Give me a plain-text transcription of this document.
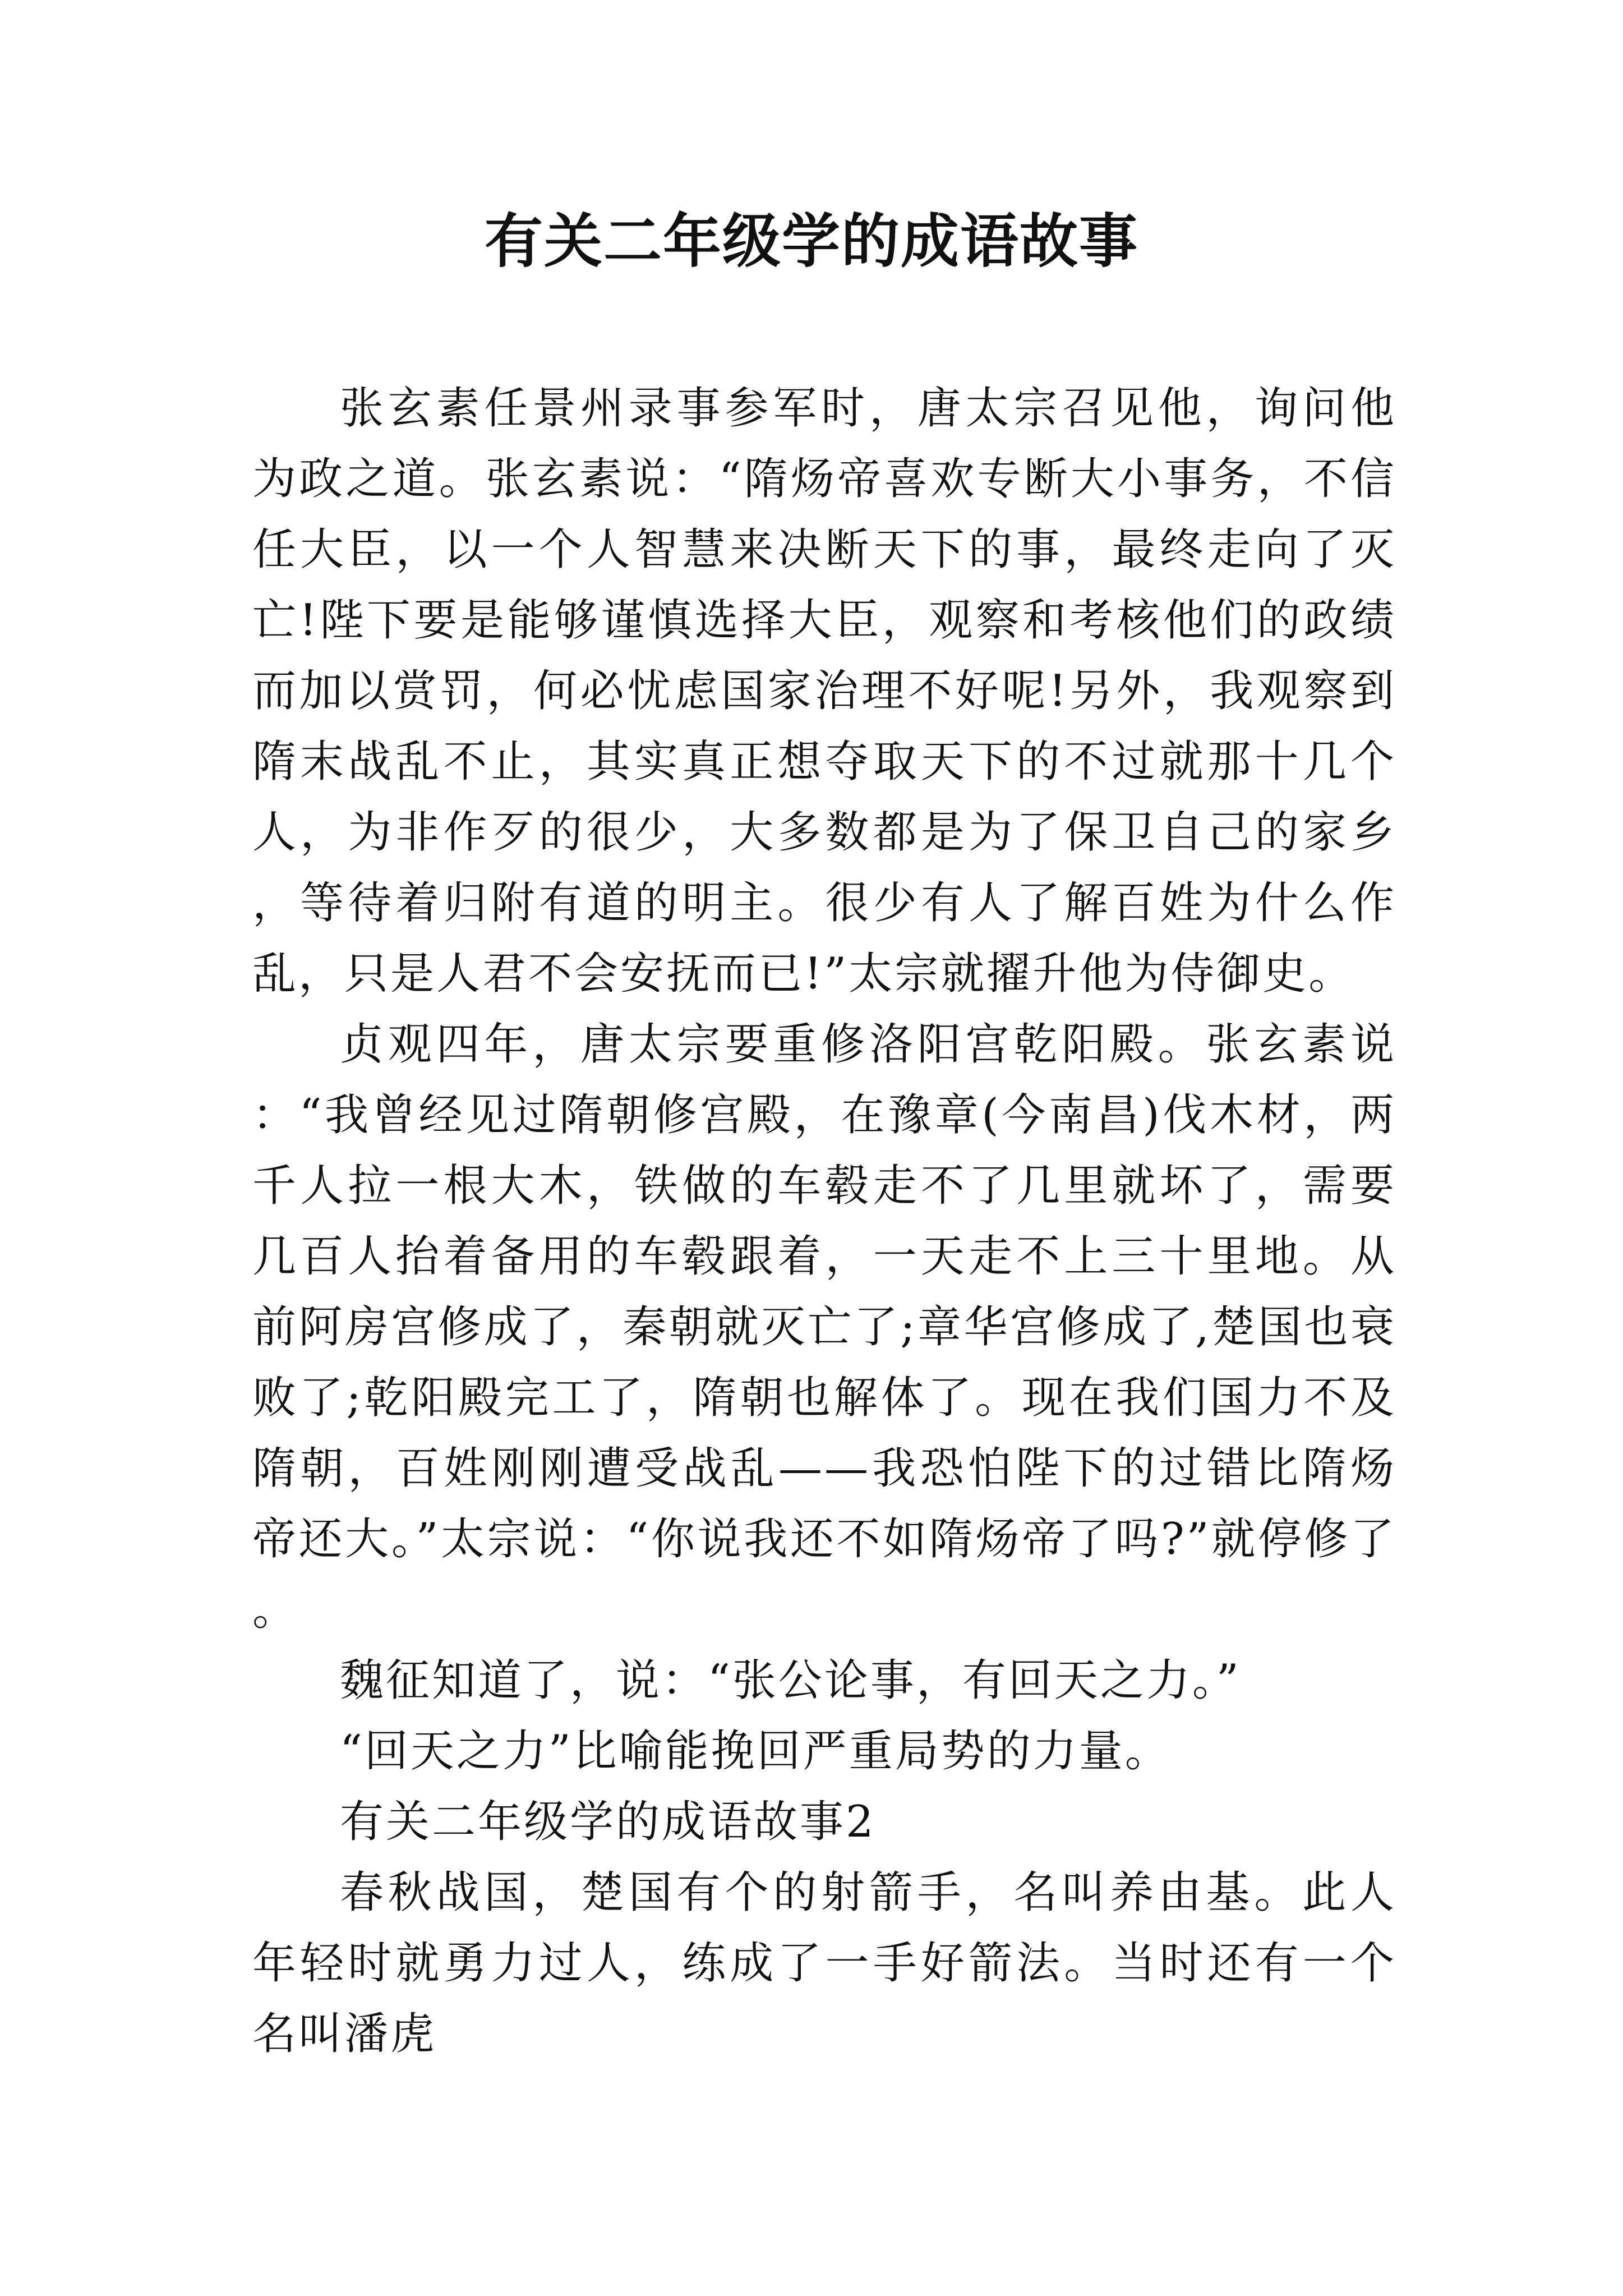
有关二年级学的成语故事

张玄素任景州录事参军时，唐太宗召见他，询问他为政之道。张玄素说：“隋炀帝喜欢专断大小事务，不信任大臣，以一个人智慧来决断天下的事，最终走向了灭亡!陛下要是能够谨慎选择大臣，观察和考核他们的政绩而加以赏罚，何必忧虑国家治理不好呢!另外，我观察到隋末战乱不止，其实真正想夺取天下的不过就那十几个人，为非作歹的很少，大多数都是为了保卫自己的家乡，等待着归附有道的明主。很少有人了解百姓为什么作乱，只是人君不会安抚而已!”太宗就擢升他为侍御史。

贞观四年，唐太宗要重修洛阳宫乾阳殿。张玄素说：“我曾经见过隋朝修宫殿，在豫章(今南昌)伐木材，两千人拉一根大木，铁做的车毂走不了几里就坏了，需要几百人抬着备用的车毂跟着，一天走不上三十里地。从前阿房宫修成了，秦朝就灭亡了;章华宫修成了,楚国也衰败了;乾阳殿完工了，隋朝也解体了。现在我们国力不及隋朝，百姓刚刚遭受战乱——我恐怕陛下的过错比隋炀帝还大。”太宗说：“你说我还不如隋炀帝了吗?”就停修了。

魏征知道了，说：“张公论事，有回天之力。”

“回天之力”比喻能挽回严重局势的力量。

有关二年级学的成语故事2

春秋战国，楚国有个的射箭手，名叫养由基。此人年轻时就勇力过人，练成了一手好箭法。当时还有一个名叫潘虎
